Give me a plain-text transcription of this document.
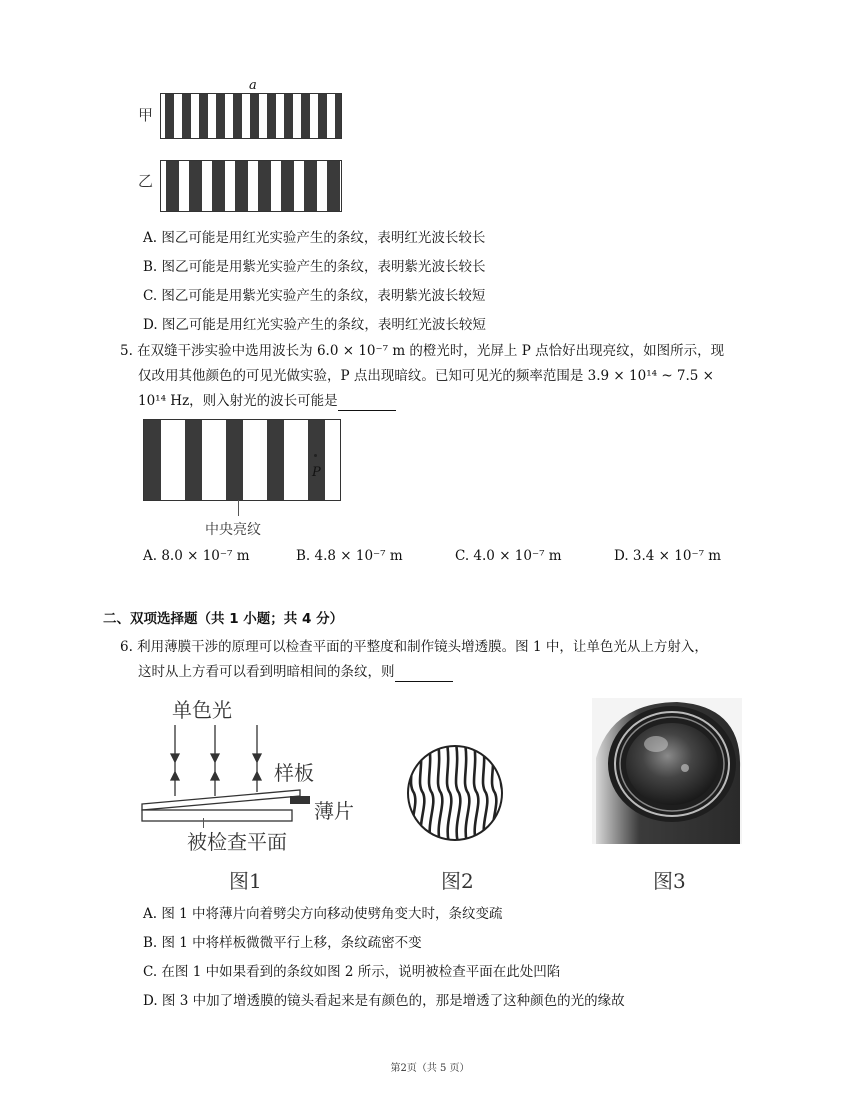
a
甲
乙
A. 图乙可能是用红光实验产生的条纹，表明红光波长较长
B. 图乙可能是用紫光实验产生的条纹，表明紫光波长较长
C. 图乙可能是用紫光实验产生的条纹，表明紫光波长较短
D. 图乙可能是用红光实验产生的条纹，表明红光波长较短
5. 在双缝干涉实验中选用波长为 6.0 × 10⁻⁷ m 的橙光时，光屏上 P 点恰好出现亮纹，如图所示，现
仅改用其他颜色的可见光做实验，P 点出现暗纹。已知可见光的频率范围是 3.9 × 10¹⁴ ~ 7.5 ×
10¹⁴ Hz，则入射光的波长可能是
P
中央亮纹
A. 8.0 × 10⁻⁷ m	B. 4.8 × 10⁻⁷ m	C. 4.0 × 10⁻⁷ m	D. 3.4 × 10⁻⁷ m
二、双项选择题（共 1 小题；共 4 分）
6. 利用薄膜干涉的原理可以检查平面的平整度和制作镜头增透膜。图 1 中，让单色光从上方射入，
这时从上方看可以看到明暗相间的条纹，则
单色光
样板
薄片
被检查平面
图1	图2	图3
A. 图 1 中将薄片向着劈尖方向移动使劈角变大时，条纹变疏
B. 图 1 中将样板微微平行上移，条纹疏密不变
C. 在图 1 中如果看到的条纹如图 2 所示，说明被检查平面在此处凹陷
D. 图 3 中加了增透膜的镜头看起来是有颜色的，那是增透了这种颜色的光的缘故
第2页（共 5 页）
